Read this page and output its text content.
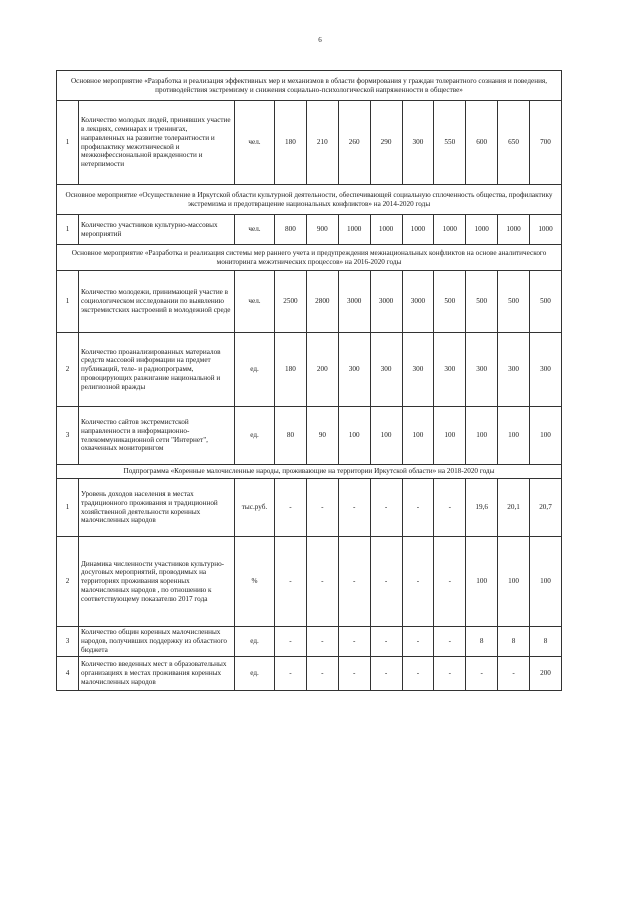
6
Основное мероприятие «Разработка и реализация эффективных мер и механизмов в области формирования у граждан толерантного сознания и поведения, противодействия экстремизму и снижения социально-психологической напряженности в обществе»											
1	Количество молодых людей, принявших участие в лекциях, семинарах и тренингах, направленных на развитие толерантности и профилактику межэтнической и межконфессиональной вражденности и нетерпимости	чел.	180	210	260	290	300	550	600	650	700
Основное мероприятие «Осуществление в Иркутской области культурной деятельности, обеспечивающей социальную сплоченность общества, профилактику экстремизма и предотвращение национальных конфликтов» на 2014-2020 годы											
1	Количество участников культурно-массовых мероприятий	чел.	800	900	1000	1000	1000	1000	1000	1000	1000
Основное мероприятие «Разработка и реализация системы мер раннего учета и предупреждения межнациональных конфликтов на основе аналитического мониторинга межэтнических процессов» на 2016-2020 годы											
1	Количество молодежи, принимающей участие в социологическом исследовании по выявлению экстремистских настроений в молодежной среде	чел.	2500	2800	3000	3000	3000	500	500	500	500
2	Количество проанализированных материалов средств массовой информации на предмет публикаций, теле- и радиопрограмм, провоцирующих разжигание национальной и религиозной вражды	ед.	180	200	300	300	300	300	300	300	300
3	Количество сайтов экстремистской направленности в информационно-телекоммуникационной сети "Интернет", охваченных мониторингом	ед.	80	90	100	100	100	100	100	100	100
Подпрограмма «Коренные малочисленные народы, проживающие на территории Иркутской области» на 2018-2020 годы											
1	Уровень доходов населения в местах традиционного проживания и традиционной хозяйственной деятельности коренных малочисленных народов	тыс.руб.	-	-	-	-	-	-	19,6	20,1	20,7
2	Динамика численности участников культурно-досуговых мероприятий, проводимых на территориях проживания коренных малочисленных народов , по отношению к соответствующему показателю 2017 года	%	-	-	-	-	-	-	100	100	100
3	Количество общин коренных малочисленных народов, получивших поддержку из областного бюджета	ед.	-	-	-	-	-	-	8	8	8
4	Количество введенных мест в образовательных организациях в местах проживания коренных малочисленных народов	ед.	-	-	-	-	-	-	-	-	200
